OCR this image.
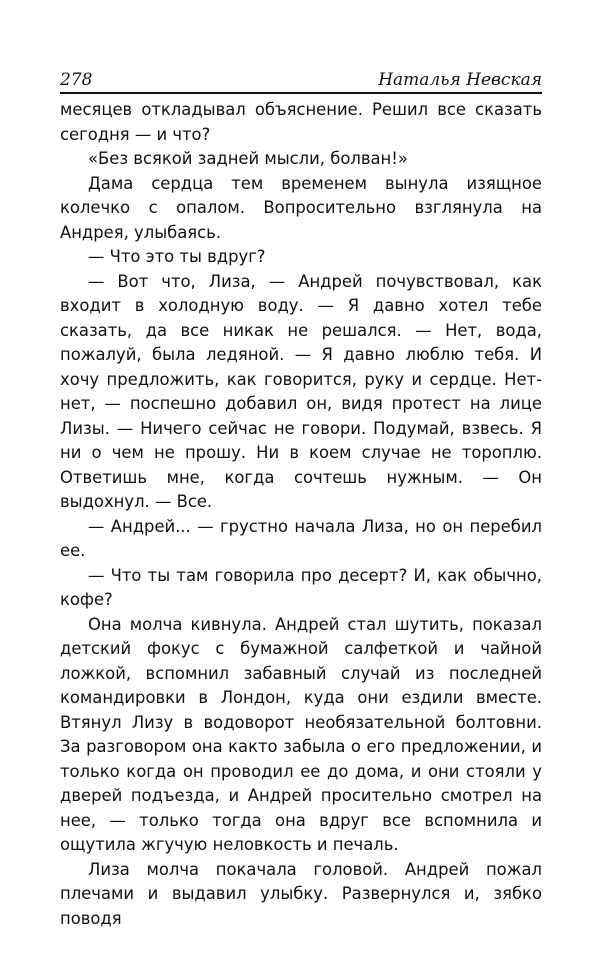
278	Наталья Невская

месяцев откладывал объяснение. Решил все сказать сегодня — и что?

«Без всякой задней мысли, болван!»

Дама сердца тем временем вынула изящное колечко с опалом. Вопросительно взглянула на Андрея, улыбаясь.

— Что это ты вдруг?

— Вот что, Лиза, — Андрей почувствовал, как входит в холодную воду. — Я давно хотел тебе сказать, да все никак не решался. — Нет, вода, пожалуй, была ледяной. — Я давно люблю тебя. И хочу предложить, как говорится, руку и сердце. Нет-нет, — поспешно добавил он, видя протест на лице Лизы. — Ничего сейчас не говори. Подумай, взвесь. Я ни о чем не прошу. Ни в коем случае не тороплю. Ответишь мне, когда сочтешь нужным. — Он выдохнул. — Все.

— Андрей... — грустно начала Лиза, но он перебил ее.

— Что ты там говорила про десерт? И, как обычно, кофе?

Она молча кивнула. Андрей стал шутить, показал детский фокус с бумажной салфеткой и чайной ложкой, вспомнил забавный случай из последней командировки в Лондон, куда они ездили вместе. Втянул Лизу в водоворот необязательной болтовни. За разговором она както забыла о его предложении, и только когда он проводил ее до дома, и они стояли у дверей подъезда, и Андрей просительно смотрел на нее, — только тогда она вдруг все вспомнила и ощутила жгучую неловкость и печаль.

Лиза молча покачала головой. Андрей пожал плечами и выдавил улыбку. Развернулся и, зябко поводя
